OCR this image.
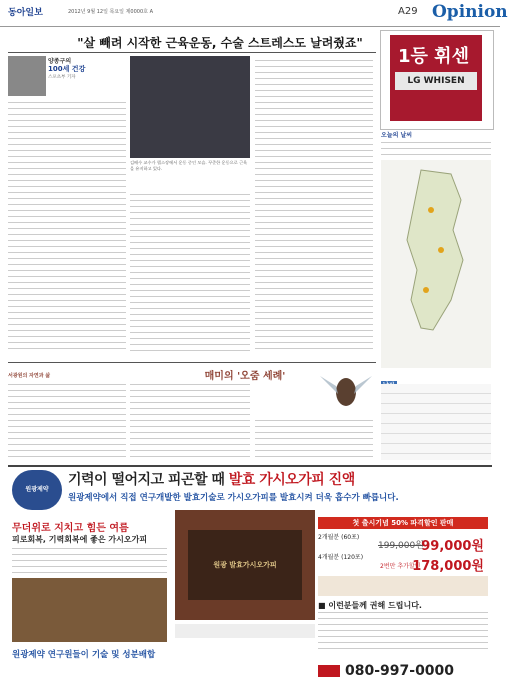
동아일보	2012년 9월 12일 목요일 제0000호 A	A29 Opinion
"살 빼려 시작한 근육운동, 수술 스트레스도 날려줬죠"
양종구의
100세 건강
스포츠부 기자
김배수 교수가 헬스장에서 운동 중인 모습. 꾸준한 운동으로 근육을 유지하고 있다.
1등 휘센
LG WHISEN
오늘의 날씨
서광원의 자연과 삶	매미의 '오줌 세례'
원광제약
기력이 떨어지고 피곤할 때 발효 가시오가피 진액
원광제약에서 직접 연구개발한 발효기술로 가시오가피를 발효시켜 더욱 흡수가 빠릅니다.
무더위로 지치고 힘든 여름
피로회복, 기력회복에 좋은 가시오가피
원광 발효가시오가피
첫 출시기념 50% 파격할인 판매
2개월분 (60포)
199,000원
99,000원
4개월분 (120포)
2번만 추가할인
178,000원
■ 이런분들께 권해 드립니다.
원광제약 연구원들이 기술 및 성분배합
080-997-0000
